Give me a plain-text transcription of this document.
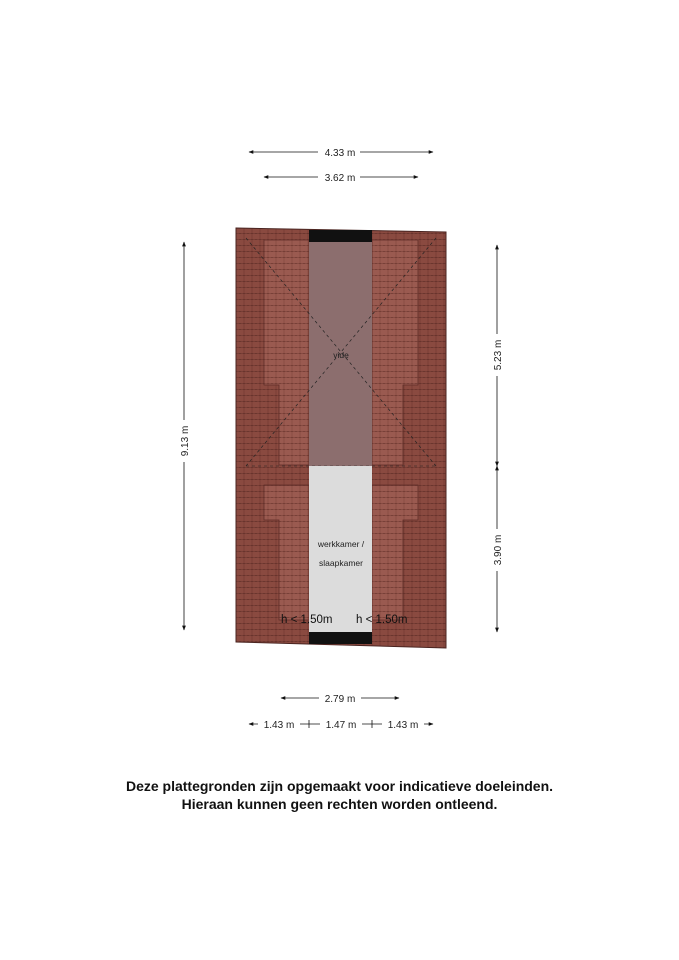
4.33 m
3.62 m
vide
werkkamer /
slaapkamer
h < 1.50m h < 1.50m
9.13 m
5.23 m
3.90 m
2.79 m
1.43 m	1.47 m	1.43 m
Deze plattegronden zijn opgemaakt voor indicatieve doeleinden.
Hieraan kunnen geen rechten worden ontleend.
